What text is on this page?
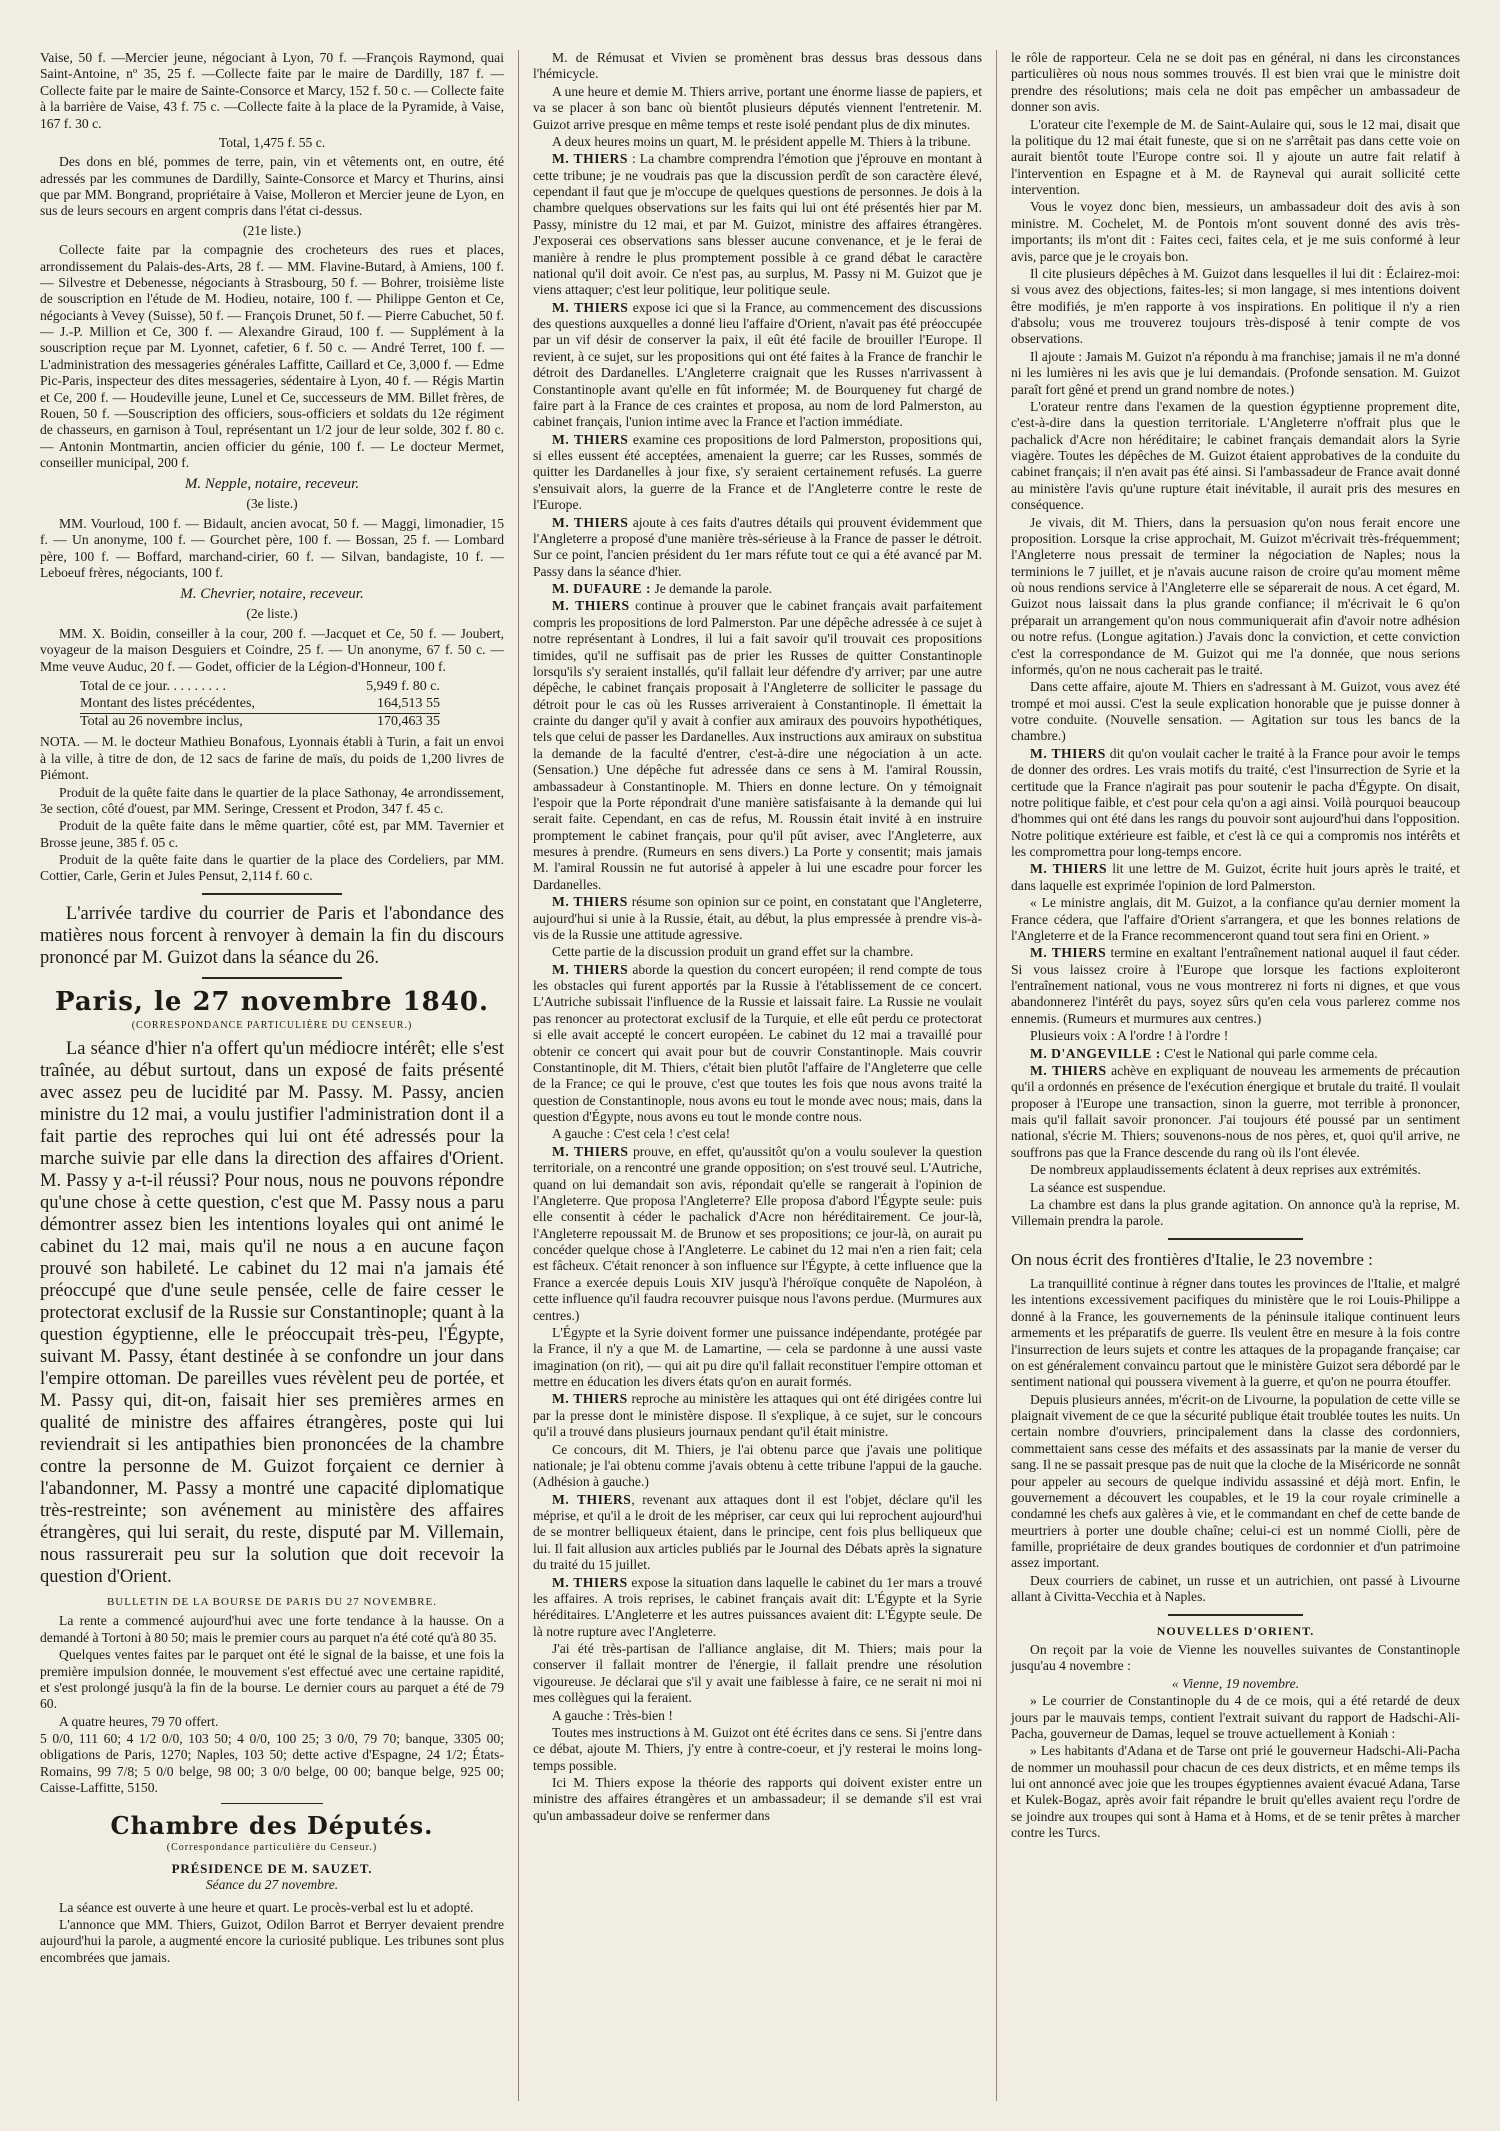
Vaise, 50 f. —Mercier jeune, négociant à Lyon, 70 f. —François Raymond, quai Saint-Antoine, nº 35, 25 f. —Collecte faite par le maire de Dardilly, 187 f. —Collecte faite par le maire de Sainte-Consorce et Marcy, 152 f. 50 c. — Collecte faite à la barrière de Vaise, 43 f. 75 c. —Collecte faite à la place de la Pyramide, à Vaise, 167 f. 30 c.

Total, 1,475 f. 55 c.

Des dons en blé, pommes de terre, pain, vin et vêtements ont, en outre, été adressés par les communes de Dardilly, Sainte-Consorce et Marcy et Thurins, ainsi que par MM. Bongrand, propriétaire à Vaise, Molleron et Mercier jeune de Lyon, en sus de leurs secours en argent compris dans l'état ci-dessus.

(21e liste.)

Collecte faite par la compagnie des crocheteurs des rues et places, arrondissement du Palais-des-Arts, 28 f. — MM. Flavine-Butard, à Amiens, 100 f. — Silvestre et Debenesse, négociants à Strasbourg, 50 f. — Bohrer, troisième liste de souscription en l'étude de M. Hodieu, notaire, 100 f. — Philippe Genton et Ce, négociants à Vevey (Suisse), 50 f. — François Drunet, 50 f. — Pierre Cabuchet, 50 f. — J.-P. Million et Ce, 300 f. — Alexandre Giraud, 100 f. — Supplément à la souscription reçue par M. Lyonnet, cafetier, 6 f. 50 c. — André Terret, 100 f. — L'administration des messageries générales Laffitte, Caillard et Ce, 3,000 f. — Edme Pic-Paris, inspecteur des dites messageries, sédentaire à Lyon, 40 f. — Régis Martin et Ce, 200 f. — Houdeville jeune, Lunel et Ce, successeurs de MM. Billet frères, de Rouen, 50 f. —Souscription des officiers, sous-officiers et soldats du 12e régiment de chasseurs, en garnison à Toul, représentant un 1/2 jour de leur solde, 302 f. 80 c. — Antonin Montmartin, ancien officier du génie, 100 f. — Le docteur Mermet, conseiller municipal, 200 f.

M. Nepple, notaire, receveur.

(3e liste.)

MM. Vourloud, 100 f. — Bidault, ancien avocat, 50 f. — Maggi, limonadier, 15 f. — Un anonyme, 100 f. — Gourchet père, 100 f. — Bossan, 25 f. — Lombard père, 100 f. — Boffard, marchand-cirier, 60 f. — Silvan, bandagiste, 10 f. — Leboeuf frères, négociants, 100 f.

M. Chevrier, notaire, receveur.

(2e liste.)

MM. X. Boidin, conseiller à la cour, 200 f. —Jacquet et Ce, 50 f. — Joubert, voyageur de la maison Desguiers et Coindre, 25 f. — Un anonyme, 67 f. 50 c. — Mme veuve Auduc, 20 f. — Godet, officier de la Légion-d'Honneur, 100 f.

Total de ce jour. . . . . . . . .	5,949 f. 80 c.
Montant des listes précédentes,	164,513 55
Total au 26 novembre inclus,	170,463 35

NOTA. — M. le docteur Mathieu Bonafous, Lyonnais établi à Turin, a fait un envoi à la ville, à titre de don, de 12 sacs de farine de maïs, du poids de 1,200 livres de Piémont.

Produit de la quête faite dans le quartier de la place Sathonay, 4e arrondissement, 3e section, côté d'ouest, par MM. Seringe, Cressent et Prodon, 347 f. 45 c.

Produit de la quête faite dans le même quartier, côté est, par MM. Tavernier et Brosse jeune, 385 f. 05 c.

Produit de la quête faite dans le quartier de la place des Cordeliers, par MM. Cottier, Carle, Gerin et Jules Pensut, 2,114 f. 60 c.

L'arrivée tardive du courrier de Paris et l'abondance des matières nous forcent à renvoyer à demain la fin du discours prononcé par M. Guizot dans la séance du 26.

Paris, le 27 novembre 1840.

(CORRESPONDANCE PARTICULIÈRE DU CENSEUR.)

La séance d'hier n'a offert qu'un médiocre intérêt; elle s'est traînée, au début surtout, dans un exposé de faits présenté avec assez peu de lucidité par M. Passy. M. Passy, ancien ministre du 12 mai, a voulu justifier l'administration dont il a fait partie des reproches qui lui ont été adressés pour la marche suivie par elle dans la direction des affaires d'Orient. M. Passy y a-t-il réussi? Pour nous, nous ne pouvons répondre qu'une chose à cette question, c'est que M. Passy nous a paru démontrer assez bien les intentions loyales qui ont animé le cabinet du 12 mai, mais qu'il ne nous a en aucune façon prouvé son habileté. Le cabinet du 12 mai n'a jamais été préoccupé que d'une seule pensée, celle de faire cesser le protectorat exclusif de la Russie sur Constantinople; quant à la question égyptienne, elle le préoccupait très-peu, l'Égypte, suivant M. Passy, étant destinée à se confondre un jour dans l'empire ottoman. De pareilles vues révèlent peu de portée, et M. Passy qui, dit-on, faisait hier ses premières armes en qualité de ministre des affaires étrangères, poste qui lui reviendrait si les antipathies bien prononcées de la chambre contre la personne de M. Guizot forçaient ce dernier à l'abandonner, M. Passy a montré une capacité diplomatique très-restreinte; son avénement au ministère des affaires étrangères, qui lui serait, du reste, disputé par M. Villemain, nous rassurerait peu sur la solution que doit recevoir la question d'Orient.

BULLETIN DE LA BOURSE DE PARIS DU 27 NOVEMBRE.

La rente a commencé aujourd'hui avec une forte tendance à la hausse. On a demandé à Tortoni à 80 50; mais le premier cours au parquet n'a été coté qu'à 80 35.

Quelques ventes faites par le parquet ont été le signal de la baisse, et une fois la première impulsion donnée, le mouvement s'est effectué avec une certaine rapidité, et s'est prolongé jusqu'à la fin de la bourse. Le dernier cours au parquet a été de 79 60.

A quatre heures, 79 70 offert.

5 0/0, 111 60; 4 1/2 0/0, 103 50; 4 0/0, 100 25; 3 0/0, 79 70; banque, 3305 00; obligations de Paris, 1270; Naples, 103 50; dette active d'Espagne, 24 1/2; États-Romains, 99 7/8; 5 0/0 belge, 98 00; 3 0/0 belge, 00 00; banque belge, 925 00; Caisse-Laffitte, 5150.

Chambre des Députés.

(Correspondance particulière du Censeur.)

PRÉSIDENCE DE M. SAUZET.

Séance du 27 novembre.

La séance est ouverte à une heure et quart. Le procès-verbal est lu et adopté.

L'annonce que MM. Thiers, Guizot, Odilon Barrot et Berryer devaient prendre aujourd'hui la parole, a augmenté encore la curiosité publique. Les tribunes sont plus encombrées que jamais.

M. de Rémusat et Vivien se promènent bras dessus bras dessous dans l'hémicycle.

A une heure et demie M. Thiers arrive, portant une énorme liasse de papiers, et va se placer à son banc où bientôt plusieurs députés viennent l'entretenir. M. Guizot arrive presque en même temps et reste isolé pendant plus de dix minutes.

A deux heures moins un quart, M. le président appelle M. Thiers à la tribune.

M. THIERS : La chambre comprendra l'émotion que j'éprouve en montant à cette tribune; je ne voudrais pas que la discussion perdît de son caractère élevé, cependant il faut que je m'occupe de quelques questions de personnes. Je dois à la chambre quelques observations sur les faits qui lui ont été présentés hier par M. Passy, ministre du 12 mai, et par M. Guizot, ministre des affaires étrangères. J'exposerai ces observations sans blesser aucune convenance, et je le ferai de manière à rendre le plus promptement possible à ce grand débat le caractère national qu'il doit avoir. Ce n'est pas, au surplus, M. Passy ni M. Guizot que je viens attaquer; c'est leur politique, leur politique seule.

M. THIERS expose ici que si la France, au commencement des discussions des questions auxquelles a donné lieu l'affaire d'Orient, n'avait pas été préoccupée par un vif désir de conserver la paix, il eût été facile de brouiller l'Europe. Il revient, à ce sujet, sur les propositions qui ont été faites à la France de franchir le détroit des Dardanelles. L'Angleterre craignait que les Russes n'arrivassent à Constantinople avant qu'elle en fût informée; M. de Bourqueney fut chargé de faire part à la France de ces craintes et proposa, au nom de lord Palmerston, au cabinet français, l'union intime avec la France et l'action immédiate.

M. THIERS examine ces propositions de lord Palmerston, propositions qui, si elles eussent été acceptées, amenaient la guerre; car les Russes, sommés de quitter les Dardanelles à jour fixe, s'y seraient certainement refusés. La guerre s'ensuivait alors, la guerre de la France et de l'Angleterre contre le reste de l'Europe.

M. THIERS ajoute à ces faits d'autres détails qui prouvent évidemment que l'Angleterre a proposé d'une manière très-sérieuse à la France de passer le détroit. Sur ce point, l'ancien président du 1er mars réfute tout ce qui a été avancé par M. Passy dans la séance d'hier.

M. DUFAURE : Je demande la parole.

M. THIERS continue à prouver que le cabinet français avait parfaitement compris les propositions de lord Palmerston. Par une dépêche adressée à ce sujet à notre représentant à Londres, il lui a fait savoir qu'il trouvait ces propositions timides, qu'il ne suffisait pas de prier les Russes de quitter Constantinople lorsqu'ils s'y seraient installés, qu'il fallait leur défendre d'y arriver; par une autre dépêche, le cabinet français proposait à l'Angleterre de solliciter le passage du détroit pour le cas où les Russes arriveraient à Constantinople. Il émettait la crainte du danger qu'il y avait à confier aux amiraux des pouvoirs hypothétiques, tels que celui de passer les Dardanelles. Aux instructions aux amiraux on substitua la demande de la faculté d'entrer, c'est-à-dire une négociation à un acte. (Sensation.) Une dépêche fut adressée dans ce sens à M. l'amiral Roussin, ambassadeur à Constantinople. M. Thiers en donne lecture. On y témoignait l'espoir que la Porte répondrait d'une manière satisfaisante à la demande qui lui serait faite. Cependant, en cas de refus, M. Roussin était invité à en instruire promptement le cabinet français, pour qu'il pût aviser, avec l'Angleterre, aux mesures à prendre. (Rumeurs en sens divers.) La Porte y consentit; mais jamais M. l'amiral Roussin ne fut autorisé à appeler à lui une escadre pour forcer les Dardanelles.

M. THIERS résume son opinion sur ce point, en constatant que l'Angleterre, aujourd'hui si unie à la Russie, était, au début, la plus empressée à prendre vis-à-vis de la Russie une attitude agressive.

Cette partie de la discussion produit un grand effet sur la chambre.

M. THIERS aborde la question du concert européen; il rend compte de tous les obstacles qui furent apportés par la Russie à l'établissement de ce concert. L'Autriche subissait l'influence de la Russie et laissait faire. La Russie ne voulait pas renoncer au protectorat exclusif de la Turquie, et elle eût perdu ce protectorat si elle avait accepté le concert européen. Le cabinet du 12 mai a travaillé pour obtenir ce concert qui avait pour but de couvrir Constantinople. Mais couvrir Constantinople, dit M. Thiers, c'était bien plutôt l'affaire de l'Angleterre que celle de la France; ce qui le prouve, c'est que toutes les fois que nous avons traité la question de Constantinople, nous avons eu tout le monde avec nous; mais, dans la question d'Égypte, nous avons eu tout le monde contre nous.

A gauche : C'est cela ! c'est cela!

M. THIERS prouve, en effet, qu'aussitôt qu'on a voulu soulever la question territoriale, on a rencontré une grande opposition; on s'est trouvé seul. L'Autriche, quand on lui demandait son avis, répondait qu'elle se rangerait à l'opinion de l'Angleterre. Que proposa l'Angleterre? Elle proposa d'abord l'Égypte seule: puis elle consentit à céder le pachalick d'Acre non héréditairement. Ce jour-là, l'Angleterre repoussait M. de Brunow et ses propositions; ce jour-là, on aurait pu concéder quelque chose à l'Angleterre. Le cabinet du 12 mai n'en a rien fait; cela est fâcheux. C'était renoncer à son influence sur l'Égypte, à cette influence que la France a exercée depuis Louis XIV jusqu'à l'héroïque conquête de Napoléon, à cette influence qu'il faudra recouvrer puisque nous l'avons perdue. (Murmures aux centres.)

L'Égypte et la Syrie doivent former une puissance indépendante, protégée par la France, il n'y a que M. de Lamartine, — cela se pardonne à une aussi vaste imagination (on rit), — qui ait pu dire qu'il fallait reconstituer l'empire ottoman et mettre en éducation les divers états qu'on en aurait formés.

M. THIERS reproche au ministère les attaques qui ont été dirigées contre lui par la presse dont le ministère dispose. Il s'explique, à ce sujet, sur le concours qu'il a trouvé dans plusieurs journaux pendant qu'il était ministre.

Ce concours, dit M. Thiers, je l'ai obtenu parce que j'avais une politique nationale; je l'ai obtenu comme j'avais obtenu à cette tribune l'appui de la gauche. (Adhésion à gauche.)

M. THIERS, revenant aux attaques dont il est l'objet, déclare qu'il les méprise, et qu'il a le droit de les mépriser, car ceux qui lui reprochent aujourd'hui de se montrer belliqueux étaient, dans le principe, cent fois plus belliqueux que lui. Il fait allusion aux articles publiés par le Journal des Débats après la signature du traité du 15 juillet.

M. THIERS expose la situation dans laquelle le cabinet du 1er mars a trouvé les affaires. A trois reprises, le cabinet français avait dit: L'Égypte et la Syrie héréditaires. L'Angleterre et les autres puissances avaient dit: L'Égypte seule. De là notre rupture avec l'Angleterre.

J'ai été très-partisan de l'alliance anglaise, dit M. Thiers; mais pour la conserver il fallait montrer de l'énergie, il fallait prendre une résolution vigoureuse. Je déclarai que s'il y avait une faiblesse à faire, ce ne serait ni moi ni mes collègues qui la feraient.

A gauche : Très-bien !

Toutes mes instructions à M. Guizot ont été écrites dans ce sens. Si j'entre dans ce débat, ajoute M. Thiers, j'y entre à contre-coeur, et j'y resterai le moins long-temps possible.

Ici M. Thiers expose la théorie des rapports qui doivent exister entre un ministre des affaires étrangères et un ambassadeur; il se demande s'il est vrai qu'un ambassadeur doive se renfermer dans

le rôle de rapporteur. Cela ne se doit pas en général, ni dans les circonstances particulières où nous nous sommes trouvés. Il est bien vrai que le ministre doit prendre des résolutions; mais cela ne doit pas empêcher un ambassadeur de donner son avis.

L'orateur cite l'exemple de M. de Saint-Aulaire qui, sous le 12 mai, disait que la politique du 12 mai était funeste, que si on ne s'arrêtait pas dans cette voie on aurait bientôt toute l'Europe contre soi. Il y ajoute un autre fait relatif à l'intervention en Espagne et à M. de Rayneval qui aurait sollicité cette intervention.

Vous le voyez donc bien, messieurs, un ambassadeur doit des avis à son ministre. M. Cochelet, M. de Pontois m'ont souvent donné des avis très-importants; ils m'ont dit : Faites ceci, faites cela, et je me suis conformé à leur avis, parce que je le croyais bon.

Il cite plusieurs dépêches à M. Guizot dans lesquelles il lui dit : Éclairez-moi: si vous avez des objections, faites-les; si mon langage, si mes intentions doivent être modifiés, je m'en rapporte à vos inspirations. En politique il n'y a rien d'absolu; vous me trouverez toujours très-disposé à tenir compte de vos observations.

Il ajoute : Jamais M. Guizot n'a répondu à ma franchise; jamais il ne m'a donné ni les lumières ni les avis que je lui demandais. (Profonde sensation. M. Guizot paraît fort gêné et prend un grand nombre de notes.)

L'orateur rentre dans l'examen de la question égyptienne proprement dite, c'est-à-dire dans la question territoriale. L'Angleterre n'offrait plus que le pachalick d'Acre non héréditaire; le cabinet français demandait alors la Syrie viagère. Toutes les dépêches de M. Guizot étaient approbatives de la conduite du cabinet français; il n'en avait pas été ainsi. Si l'ambassadeur de France avait donné au ministère l'avis qu'une rupture était inévitable, il aurait pris des mesures en conséquence.

Je vivais, dit M. Thiers, dans la persuasion qu'on nous ferait encore une proposition. Lorsque la crise approchait, M. Guizot m'écrivait très-fréquemment; l'Angleterre nous pressait de terminer la négociation de Naples; nous la terminions le 7 juillet, et je n'avais aucune raison de croire qu'au moment même où nous rendions service à l'Angleterre elle se séparerait de nous. A cet égard, M. Guizot nous laissait dans la plus grande confiance; il m'écrivait le 6 qu'on préparait un arrangement qu'on nous communiquerait afin d'avoir notre adhésion ou notre refus. (Longue agitation.) J'avais donc la conviction, et cette conviction c'est la correspondance de M. Guizot qui me l'a donnée, que nous serions informés, qu'on ne nous cacherait pas le traité.

Dans cette affaire, ajoute M. Thiers en s'adressant à M. Guizot, vous avez été trompé et moi aussi. C'est la seule explication honorable que je puisse donner à votre conduite. (Nouvelle sensation. — Agitation sur tous les bancs de la chambre.)

M. THIERS dit qu'on voulait cacher le traité à la France pour avoir le temps de donner des ordres. Les vrais motifs du traité, c'est l'insurrection de Syrie et la certitude que la France n'agirait pas pour soutenir le pacha d'Égypte. On disait, notre politique faible, et c'est pour cela qu'on a agi ainsi. Voilà pourquoi beaucoup d'hommes qui ont été dans les rangs du pouvoir sont aujourd'hui dans l'opposition. Notre politique extérieure est faible, et c'est là ce qui a compromis nos intérêts et les compromettra pour long-temps encore.

M. THIERS lit une lettre de M. Guizot, écrite huit jours après le traité, et dans laquelle est exprimée l'opinion de lord Palmerston.

« Le ministre anglais, dit M. Guizot, a la confiance qu'au dernier moment la France cédera, que l'affaire d'Orient s'arrangera, et que les bonnes relations de l'Angleterre et de la France recommenceront quand tout sera fini en Orient. »

M. THIERS termine en exaltant l'entraînement national auquel il faut céder. Si vous laissez croire à l'Europe que lorsque les factions exploiteront l'entraînement national, vous ne vous montrerez ni forts ni dignes, et que vous abandonnerez l'intérêt du pays, soyez sûrs qu'en cela vous parlerez comme nos ennemis. (Rumeurs et murmures aux centres.)

Plusieurs voix : A l'ordre ! à l'ordre !

M. D'ANGEVILLE : C'est le National qui parle comme cela.

M. THIERS achève en expliquant de nouveau les armements de précaution qu'il a ordonnés en présence de l'exécution énergique et brutale du traité. Il voulait proposer à l'Europe une transaction, sinon la guerre, mot terrible à prononcer, mais qu'il fallait savoir prononcer. J'ai toujours été poussé par un sentiment national, s'écrie M. Thiers; souvenons-nous de nos pères, et, quoi qu'il arrive, ne souffrons pas que la France descende du rang où ils l'ont élevée.

De nombreux applaudissements éclatent à deux reprises aux extrémités.

La séance est suspendue.

La chambre est dans la plus grande agitation. On annonce qu'à la reprise, M. Villemain prendra la parole.

On nous écrit des frontières d'Italie, le 23 novembre :

La tranquillité continue à régner dans toutes les provinces de l'Italie, et malgré les intentions excessivement pacifiques du ministère que le roi Louis-Philippe a donné à la France, les gouvernements de la péninsule italique continuent leurs armements et les préparatifs de guerre. Ils veulent être en mesure à la fois contre l'insurrection de leurs sujets et contre les attaques de la propagande française; car on est généralement convaincu partout que le ministère Guizot sera débordé par le sentiment national qui poussera vivement à la guerre, et qu'on ne pourra étouffer.

Depuis plusieurs années, m'écrit-on de Livourne, la population de cette ville se plaignait vivement de ce que la sécurité publique était troublée toutes les nuits. Un certain nombre d'ouvriers, principalement dans la classe des cordonniers, commettaient sans cesse des méfaits et des assassinats par la manie de verser du sang. Il ne se passait presque pas de nuit que la cloche de la Miséricorde ne sonnât pour appeler au secours de quelque individu assassiné et déjà mort. Enfin, le gouvernement a découvert les coupables, et le 19 la cour royale criminelle a condamné les chefs aux galères à vie, et le commandant en chef de cette bande de meurtriers à porter une double chaîne; celui-ci est un nommé Ciolli, père de famille, propriétaire de deux grandes boutiques de cordonnier et d'un patrimoine assez important.

Deux courriers de cabinet, un russe et un autrichien, ont passé à Livourne allant à Civitta-Vecchia et à Naples.

NOUVELLES D'ORIENT.

On reçoit par la voie de Vienne les nouvelles suivantes de Constantinople jusqu'au 4 novembre :

« Vienne, 19 novembre.

» Le courrier de Constantinople du 4 de ce mois, qui a été retardé de deux jours par le mauvais temps, contient l'extrait suivant du rapport de Hadschi-Ali-Pacha, gouverneur de Damas, lequel se trouve actuellement à Koniah :

» Les habitants d'Adana et de Tarse ont prié le gouverneur Hadschi-Ali-Pacha de nommer un mouhassil pour chacun de ces deux districts, et en même temps ils lui ont annoncé avec joie que les troupes égyptiennes avaient évacué Adana, Tarse et Kulek-Bogaz, après avoir fait répandre le bruit qu'elles avaient reçu l'ordre de se joindre aux troupes qui sont à Hama et à Homs, et de se tenir prêtes à marcher contre les Turcs.
